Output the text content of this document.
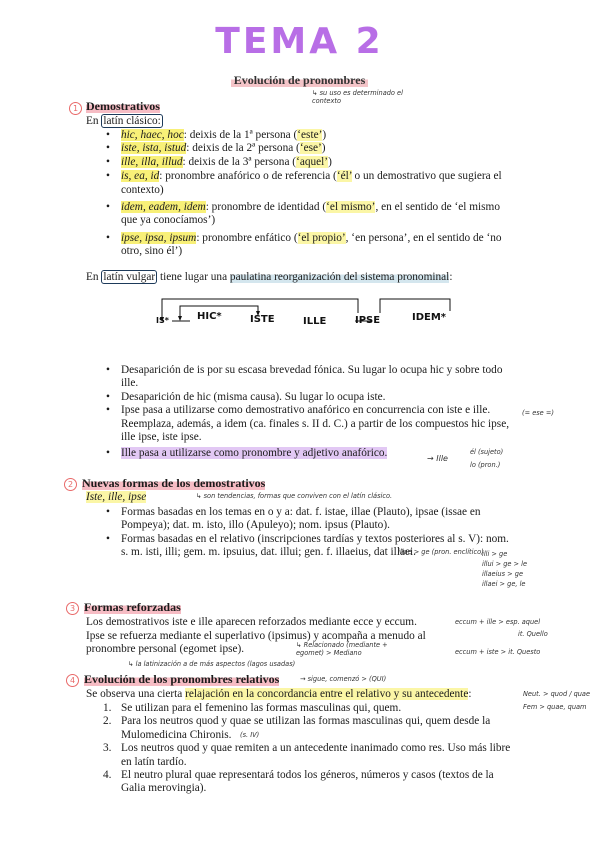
TEMA 2
Evolución de pronombres
↳ su uso es determinado el contexto
1 Demostrativos
En latín clásico:
• hic, haec, hoc: deixis de la 1ª persona (‘este’)
• iste, ista, istud: deixis de la 2ª persona (‘ese’)
• ille, illa, illud: deixis de la 3ª persona (‘aquel’)
• is, ea, id: pronombre anafórico o de referencia (‘él’ o un demostrativo que sugiera el contexto)
• idem, eadem, idem: pronombre de identidad (‘el mismo’, en el sentido de ‘el mismo que ya conocíamos’)
• ipse, ipsa, ipsum: pronombre enfático (‘el propio’, ‘en persona’, en el sentido de ‘no otro, sino él’)
En latín vulgar tiene lugar una paulatina reorganización del sistema pronominal:
IS*	HIC*	ISTE	ILLE	IPSE	IDEM*
• Desaparición de is por su escasa brevedad fónica. Su lugar lo ocupa hic y sobre todo ille.
• Desaparición de hic (misma causa). Su lugar lo ocupa iste.
• Ipse pasa a utilizarse como demostrativo anafórico en concurrencia con iste e ille. Reemplaza, además, a idem (ca. finales s. II d. C.) a partir de los compuestos hic ipse, ille ipse, iste ipse.
• Ille pasa a utilizarse como pronombre y adjetivo anafórico.
(= ese =)
→ Ille
él (sujeto)
lo (pron.)
2 Nuevas formas de los demostrativos
Iste, ille, ipse	↳ son tendencias, formas que conviven con el latín clásico.
• Formas basadas en los temas en o y a: dat. f. istae, illae (Plauto), ipsae (issae en Pompeya); dat. m. isto, illo (Apuleyo); nom. ipsus (Plauto).
• Formas basadas en el relativo (inscripciones tardías y textos posteriores al s. V): nom. s. m. isti, illi; gem. m. ipsuius, dat. illui; gen. f. illaeius, dat illaei.
illae > ge (pron. enclítico)
illi > ge
illui > ge > le
illaeius > ge
illaei > ge, le
3 Formas reforzadas
Los demostrativos iste e ille aparecen reforzados mediante ecce y eccum.
Ipse se refuerza mediante el superlativo (ipsimus) y acompaña a menudo al pronombre personal (egomet ipse).
eccum + ille > esp. aquel
it. Quello
eccum + iste > it. Questo
↳ la latinización a de más aspectos (lagos usadas)
↳ Relacionado (mediante + egomet) > Mediano
4 Evolución de los pronombres relativos	→ sigue, comenzó > (QUI)
Se observa una cierta relajación en la concordancia entre el relativo y su antecedente:
1. Se utilizan para el femenino las formas masculinas qui, quem.
2. Para los neutros quod y quae se utilizan las formas masculinas qui, quem desde la Mulomedicina Chironis.
3. Los neutros quod y quae remiten a un antecedente inanimado como res. Uso más libre en latín tardío.
4. El neutro plural quae representará todos los géneros, números y casos (textos de la Galia merovingia).
Fem > quae, quam
Neut. > quod / quae
(s. IV)
